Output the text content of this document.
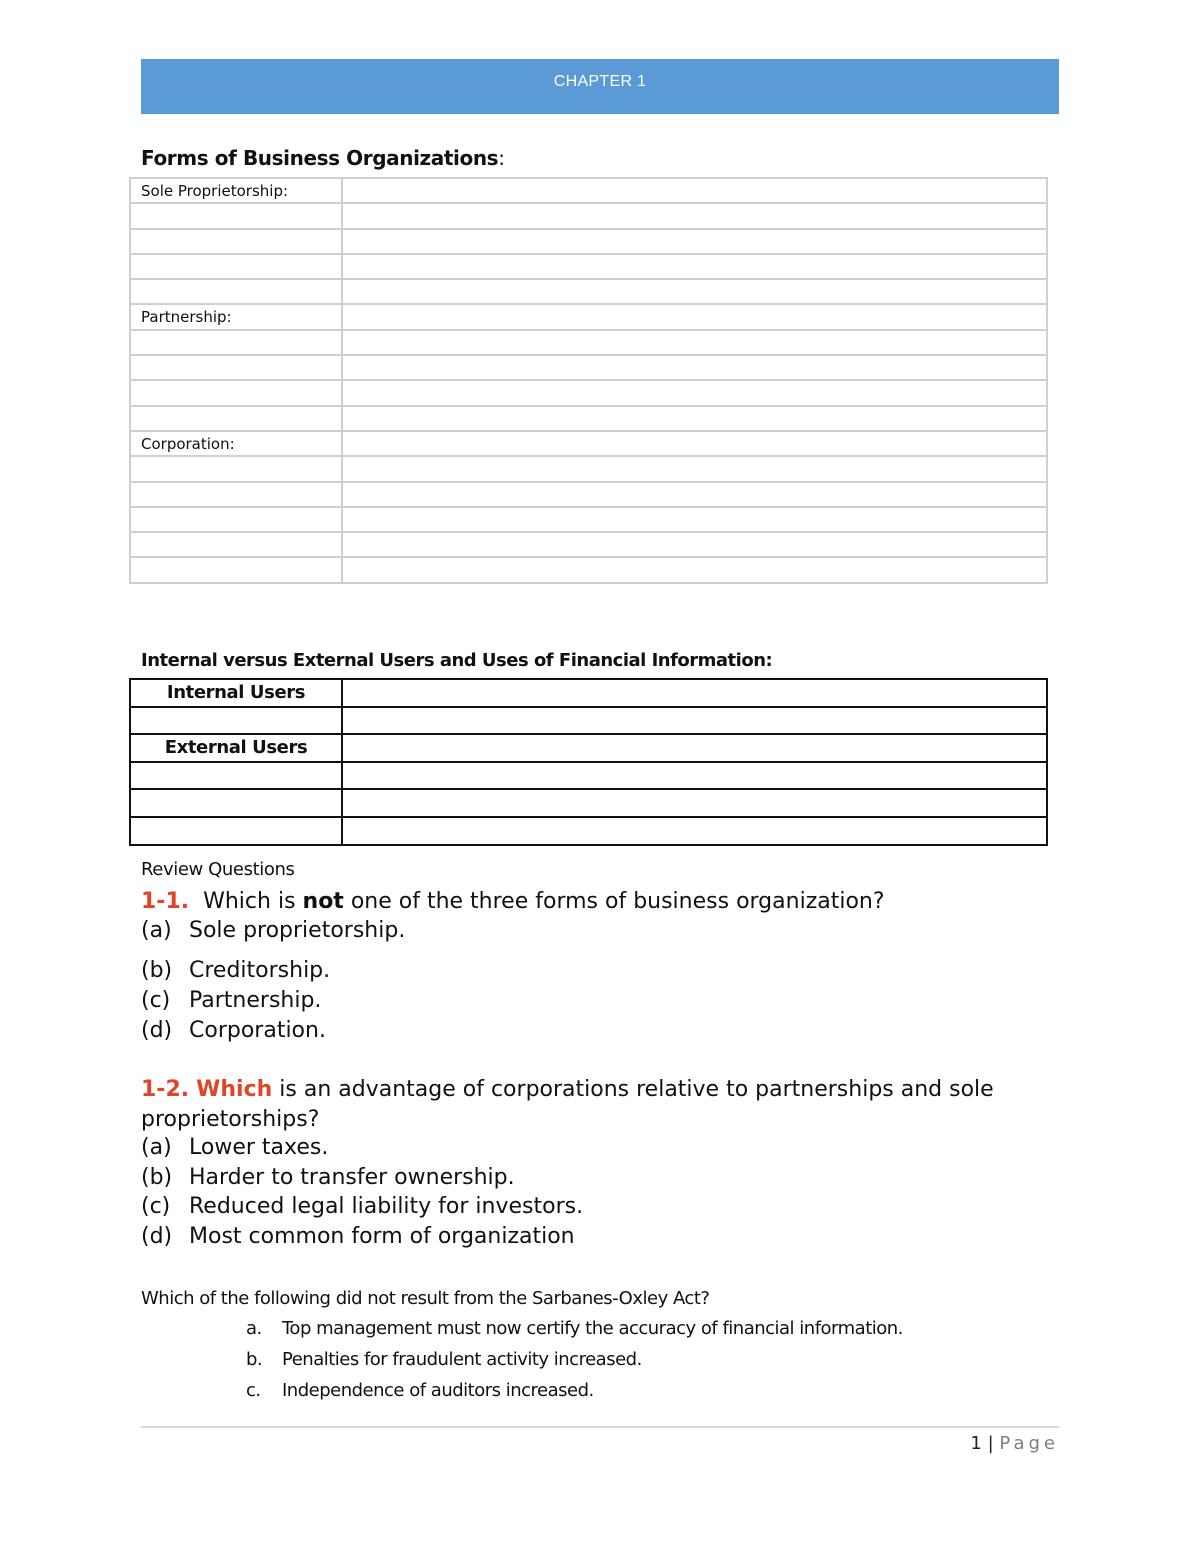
CHAPTER 1
Forms of Business Organizations:
Sole Proprietorship:	

Partnership:	

Corporation:	

Internal versus External Users and Uses of Financial Information:
Internal Users	

External Users	

Review Questions
1-1. Which is not one of the three forms of business organization?
(a) Sole proprietorship.
(b) Creditorship.
(c) Partnership.
(d) Corporation.
1-2. Which is an advantage of corporations relative to partnerships and sole proprietorships?
(a) Lower taxes.
(b) Harder to transfer ownership.
(c) Reduced legal liability for investors.
(d) Most common form of organization
Which of the following did not result from the Sarbanes-Oxley Act?
a. Top management must now certify the accuracy of financial information.
b. Penalties for fraudulent activity increased.
c. Independence of auditors increased.
1 | Page
